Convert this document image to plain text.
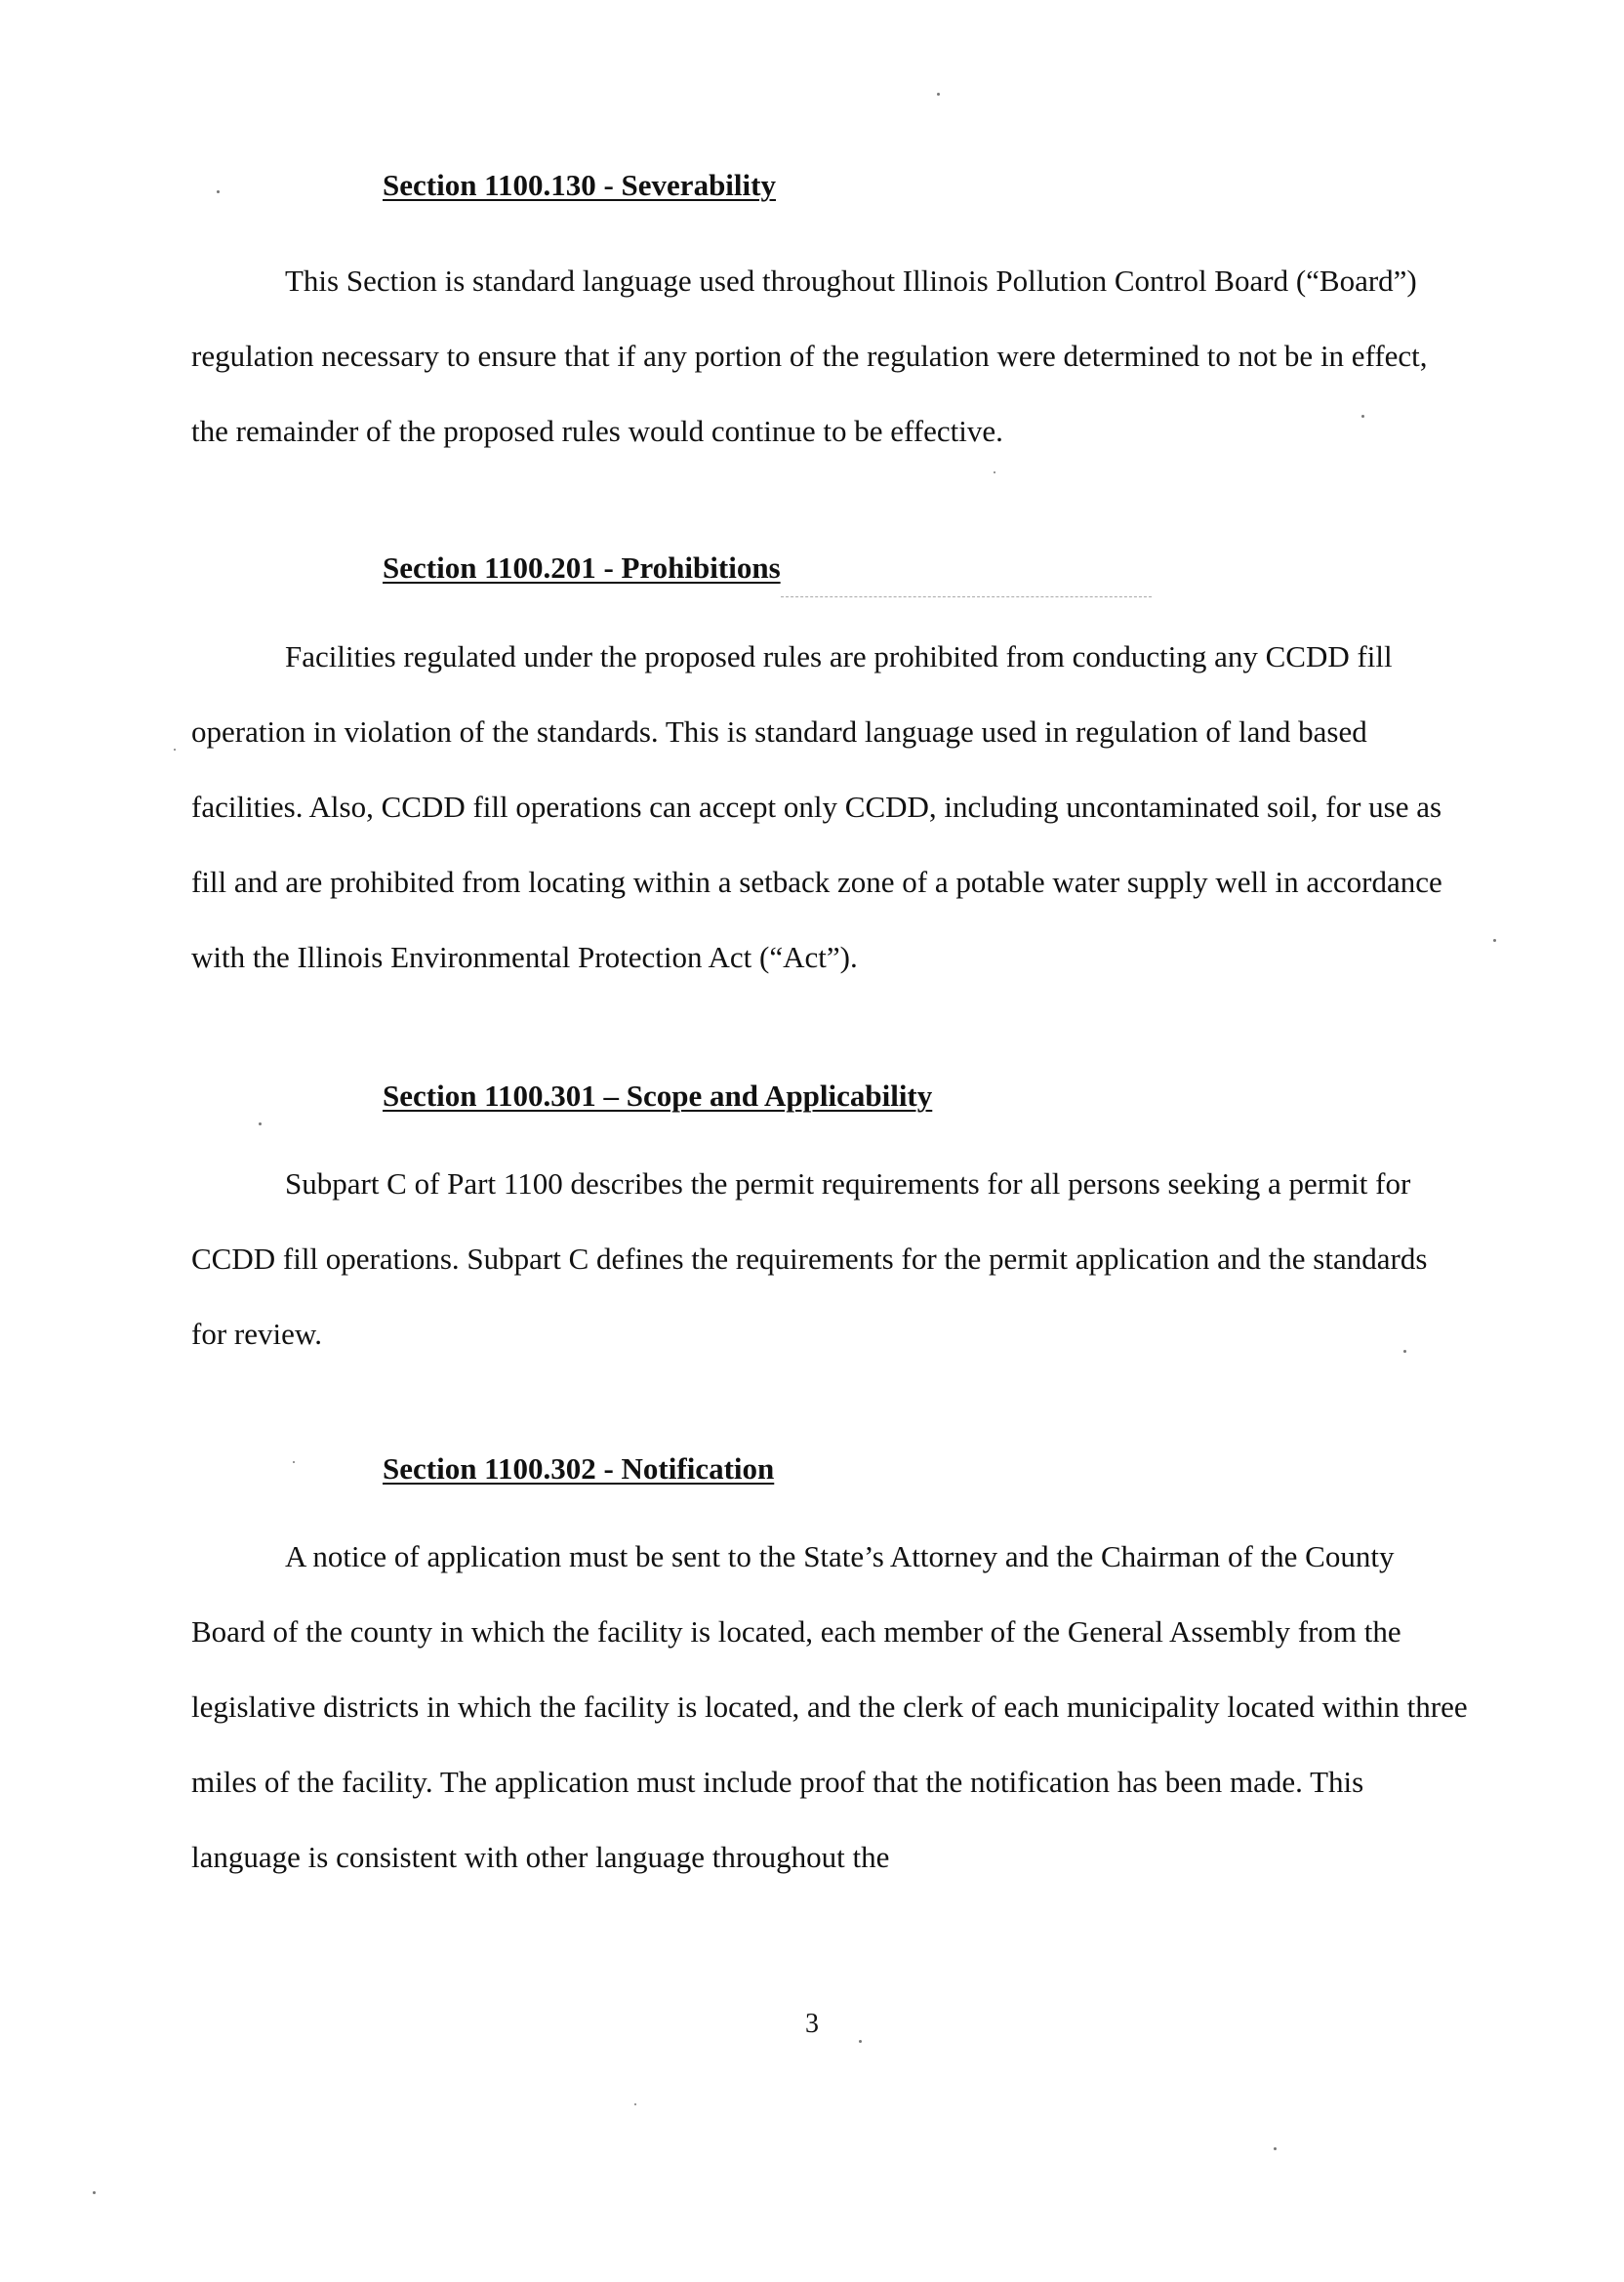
Section 1100.130 - Severability

This Section is standard language used throughout Illinois Pollution Control Board (“Board”) regulation necessary to ensure that if any portion of the regulation were determined to not be in effect, the remainder of the proposed rules would continue to be effective.

Section 1100.201 - Prohibitions

Facilities regulated under the proposed rules are prohibited from conducting any CCDD fill operation in violation of the standards. This is standard language used in regulation of land based facilities. Also, CCDD fill operations can accept only CCDD, including uncontaminated soil, for use as fill and are prohibited from locating within a setback zone of a potable water supply well in accordance with the Illinois Environmental Protection Act (“Act”).

Section 1100.301 – Scope and Applicability

Subpart C of Part 1100 describes the permit requirements for all persons seeking a permit for CCDD fill operations. Subpart C defines the requirements for the permit application and the standards for review.

Section 1100.302 - Notification

A notice of application must be sent to the State’s Attorney and the Chairman of the County Board of the county in which the facility is located, each member of the General Assembly from the legislative districts in which the facility is located, and the clerk of each municipality located within three miles of the facility. The application must include proof that the notification has been made. This language is consistent with other language throughout the

3
